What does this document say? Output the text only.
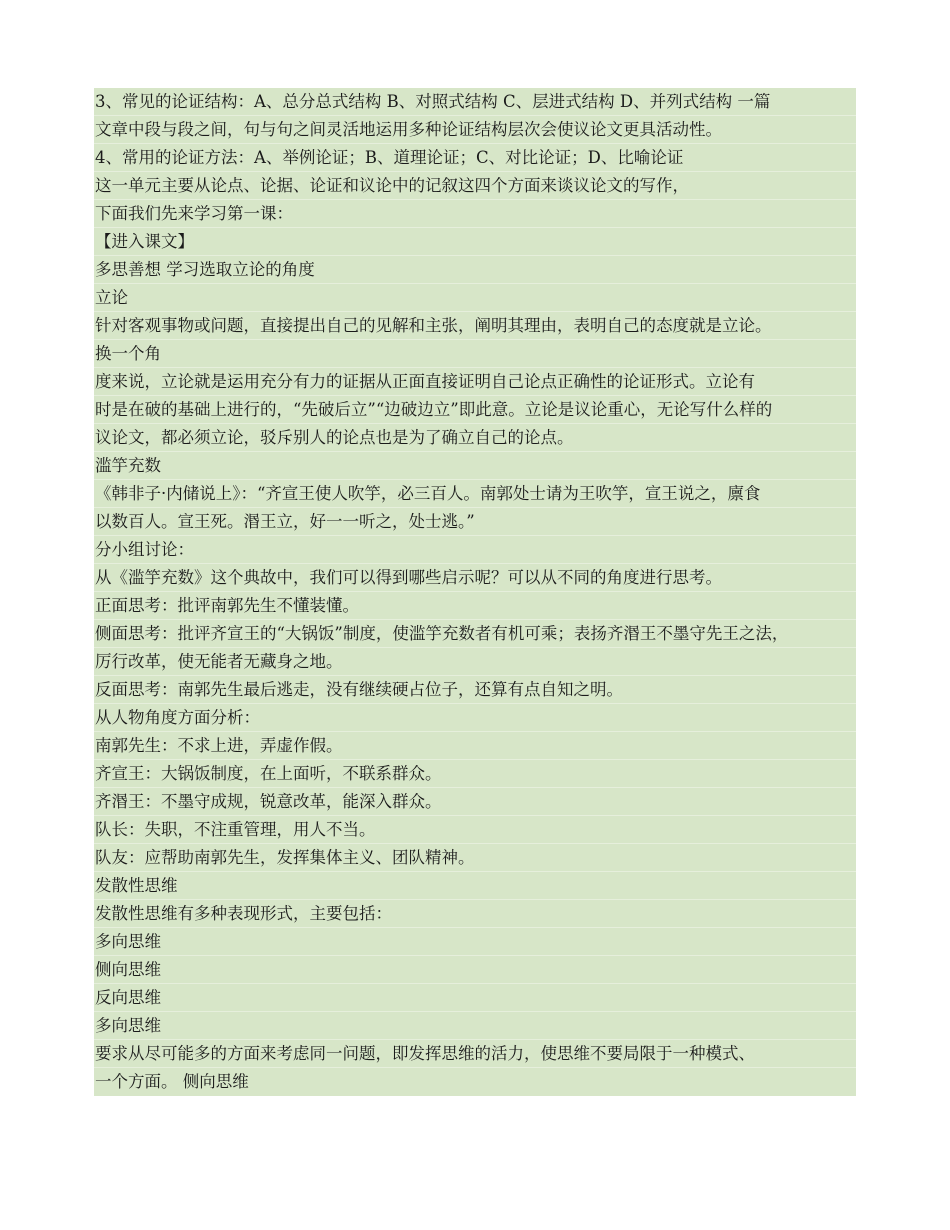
3、常见的论证结构：A、总分总式结构 B、对照式结构 C、层进式结构 D、并列式结构 一篇
文章中段与段之间，句与句之间灵活地运用多种论证结构层次会使议论文更具活动性。
4、常用的论证方法：A、举例论证；B、道理论证；C、对比论证；D、比喻论证
这一单元主要从论点、论据、论证和议论中的记叙这四个方面来谈议论文的写作，
下面我们先来学习第一课：
【进入课文】
多思善想 学习选取立论的角度
立论
针对客观事物或问题，直接提出自己的见解和主张，阐明其理由，表明自己的态度就是立论。
换一个角
度来说，立论就是运用充分有力的证据从正面直接证明自己论点正确性的论证形式。立论有
时是在破的基础上进行的，“先破后立”“边破边立”即此意。立论是议论重心，无论写什么样的
议论文，都必须立论，驳斥别人的论点也是为了确立自己的论点。
滥竽充数
《韩非子·内储说上》：“齐宣王使人吹竽，必三百人。南郭处士请为王吹竽，宣王说之，廪食
以数百人。宣王死。湣王立，好一一听之，处士逃。”
分小组讨论：
从《滥竽充数》这个典故中，我们可以得到哪些启示呢？可以从不同的角度进行思考。
正面思考：批评南郭先生不懂装懂。
侧面思考：批评齐宣王的“大锅饭”制度，使滥竽充数者有机可乘；表扬齐湣王不墨守先王之法，
厉行改革，使无能者无藏身之地。
反面思考：南郭先生最后逃走，没有继续硬占位子，还算有点自知之明。
从人物角度方面分析：
南郭先生：不求上进，弄虚作假。
齐宣王：大锅饭制度，在上面听，不联系群众。
齐湣王：不墨守成规，锐意改革，能深入群众。
队长：失职，不注重管理，用人不当。
队友：应帮助南郭先生，发挥集体主义、团队精神。
发散性思维
发散性思维有多种表现形式，主要包括：
多向思维
侧向思维
反向思维
多向思维
要求从尽可能多的方面来考虑同一问题，即发挥思维的活力，使思维不要局限于一种模式、
一个方面。 侧向思维
